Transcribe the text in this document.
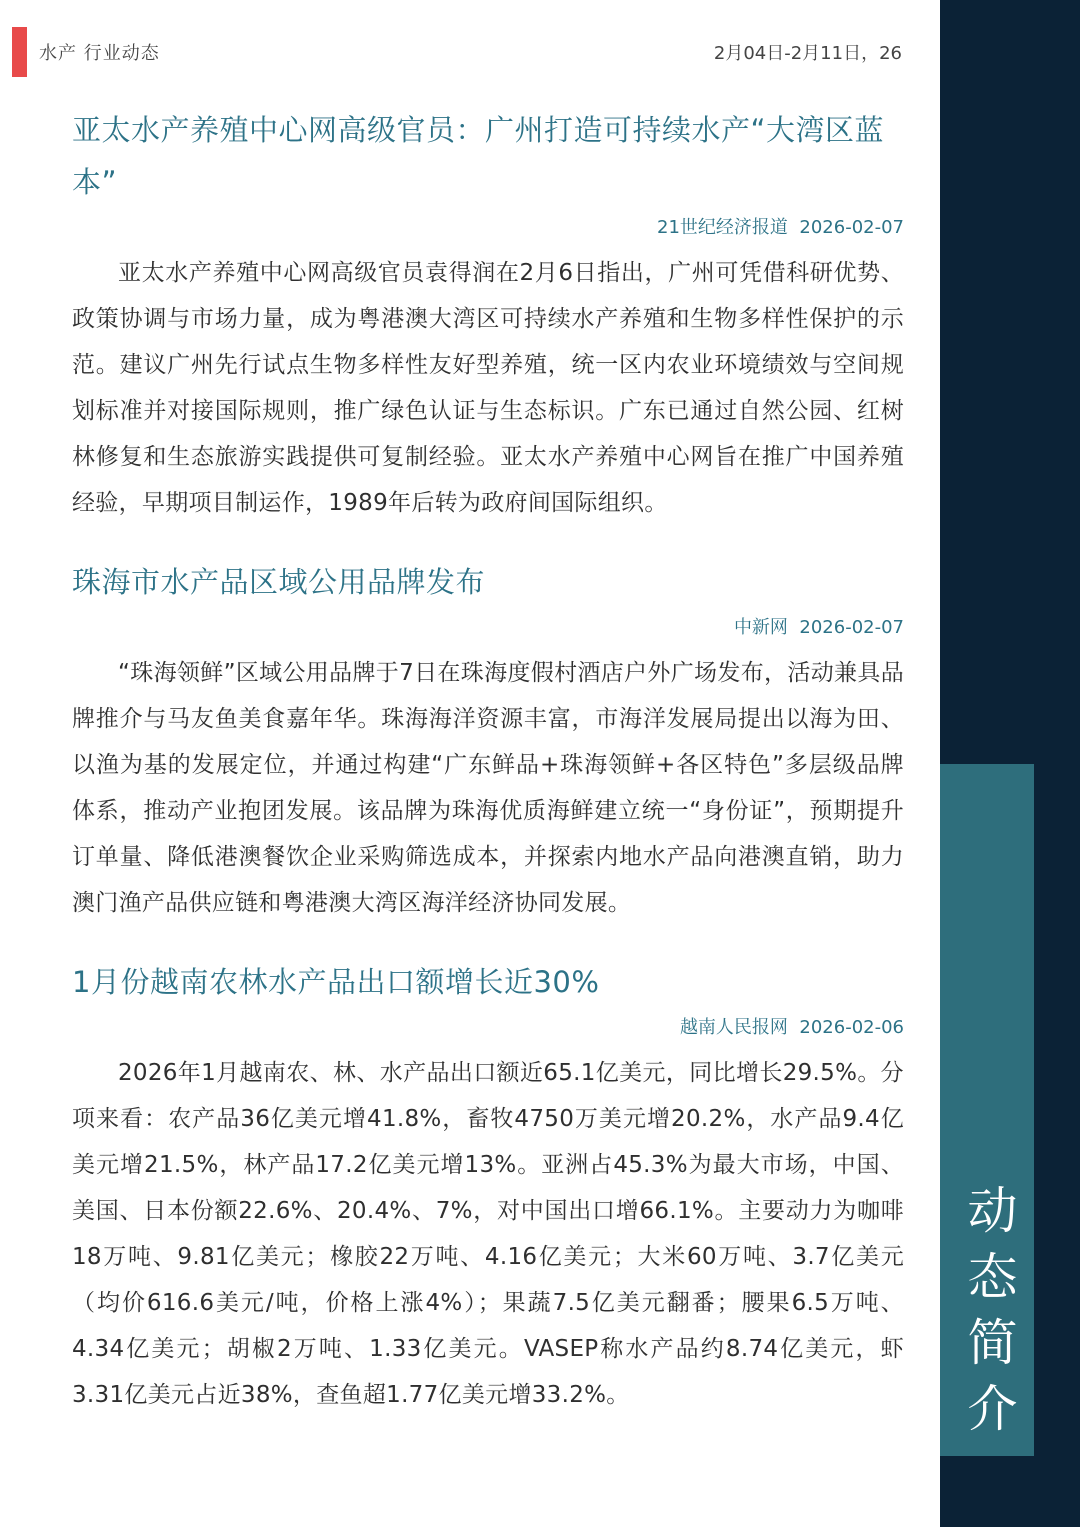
水产 行业动态	2月04日-2月11日，26
动
态
简
介
亚太水产养殖中心网高级官员：广州打造可持续水产“大湾区蓝本”
21世纪经济报道 2026-02-07

亚太水产养殖中心网高级官员袁得润在2月6日指出，广州可凭借科研优势、政策协调与市场力量，成为粤港澳大湾区可持续水产养殖和生物多样性保护的示范。建议广州先行试点生物多样性友好型养殖，统一区内农业环境绩效与空间规划标准并对接国际规则，推广绿色认证与生态标识。广东已通过自然公园、红树林修复和生态旅游实践提供可复制经验。亚太水产养殖中心网旨在推广中国养殖经验，早期项目制运作，1989年后转为政府间国际组织。

珠海市水产品区域公用品牌发布
中新网 2026-02-07

“珠海领鲜”区域公用品牌于7日在珠海度假村酒店户外广场发布，活动兼具品牌推介与马友鱼美食嘉年华。珠海海洋资源丰富，市海洋发展局提出以海为田、以渔为基的发展定位，并通过构建“广东鲜品+珠海领鲜+各区特色”多层级品牌体系，推动产业抱团发展。该品牌为珠海优质海鲜建立统一“身份证”，预期提升订单量、降低港澳餐饮企业采购筛选成本，并探索内地水产品向港澳直销，助力澳门渔产品供应链和粤港澳大湾区海洋经济协同发展。

1月份越南农林水产品出口额增长近30%
越南人民报网 2026-02-06

2026年1月越南农、林、水产品出口额近65.1亿美元，同比增长29.5%。分项来看：农产品36亿美元增41.8%，畜牧4750万美元增20.2%，水产品9.4亿美元增21.5%，林产品17.2亿美元增13%。亚洲占45.3%为最大市场，中国、美国、日本份额22.6%、20.4%、7%，对中国出口增66.1%。主要动力为咖啡18万吨、9.81亿美元；橡胶22万吨、4.16亿美元；大米60万吨、3.7亿美元（均价616.6美元/吨，价格上涨4%）；果蔬7.5亿美元翻番；腰果6.5万吨、4.34亿美元；胡椒2万吨、1.33亿美元。VASEP称水产品约8.74亿美元，虾3.31亿美元占近38%，查鱼超1.77亿美元增33.2%。
